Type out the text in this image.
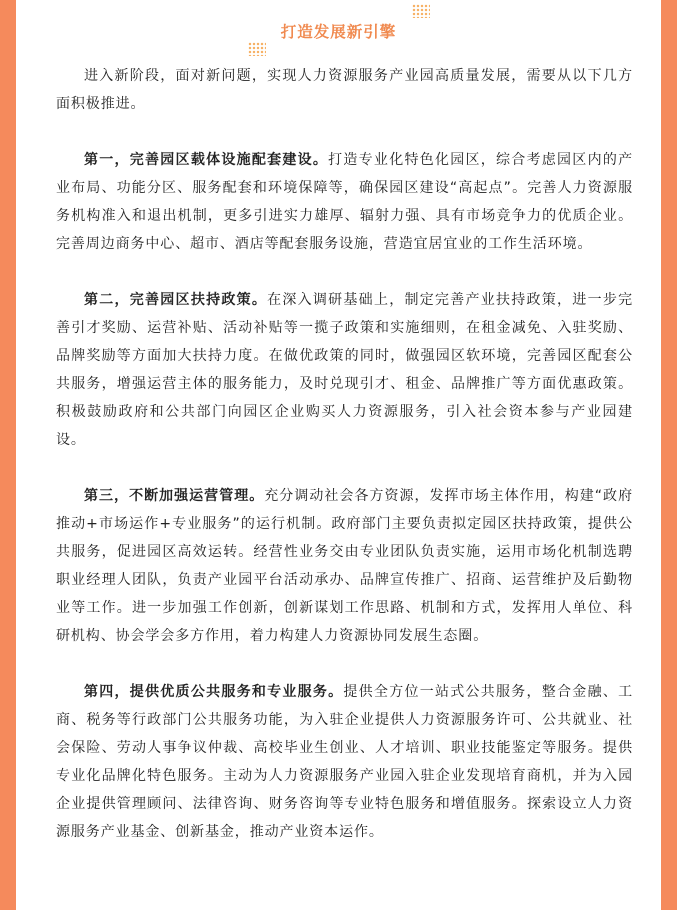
打造发展新引擎

进入新阶段，面对新问题，实现人力资源服务产业园高质量发展，需要从以下几方面积极推进。

第一，完善园区载体设施配套建设。打造专业化特色化园区，综合考虑园区内的产业布局、功能分区、服务配套和环境保障等，确保园区建设“高起点”。完善人力资源服务机构准入和退出机制，更多引进实力雄厚、辐射力强、具有市场竞争力的优质企业。完善周边商务中心、超市、酒店等配套服务设施，营造宜居宜业的工作生活环境。

第二，完善园区扶持政策。在深入调研基础上，制定完善产业扶持政策，进一步完善引才奖励、运营补贴、活动补贴等一揽子政策和实施细则，在租金减免、入驻奖励、品牌奖励等方面加大扶持力度。在做优政策的同时，做强园区软环境，完善园区配套公共服务，增强运营主体的服务能力，及时兑现引才、租金、品牌推广等方面优惠政策。积极鼓励政府和公共部门向园区企业购买人力资源服务，引入社会资本参与产业园建设。

第三，不断加强运营管理。充分调动社会各方资源，发挥市场主体作用，构建“政府推动+市场运作+专业服务”的运行机制。政府部门主要负责拟定园区扶持政策，提供公共服务，促进园区高效运转。经营性业务交由专业团队负责实施，运用市场化机制选聘职业经理人团队，负责产业园平台活动承办、品牌宣传推广、招商、运营维护及后勤物业等工作。进一步加强工作创新，创新谋划工作思路、机制和方式，发挥用人单位、科研机构、协会学会多方作用，着力构建人力资源协同发展生态圈。

第四，提供优质公共服务和专业服务。提供全方位一站式公共服务，整合金融、工商、税务等行政部门公共服务功能，为入驻企业提供人力资源服务许可、公共就业、社会保险、劳动人事争议仲裁、高校毕业生创业、人才培训、职业技能鉴定等服务。提供专业化品牌化特色服务。主动为人力资源服务产业园入驻企业发现培育商机，并为入园企业提供管理顾问、法律咨询、财务咨询等专业特色服务和增值服务。探索设立人力资源服务产业基金、创新基金，推动产业资本运作。
